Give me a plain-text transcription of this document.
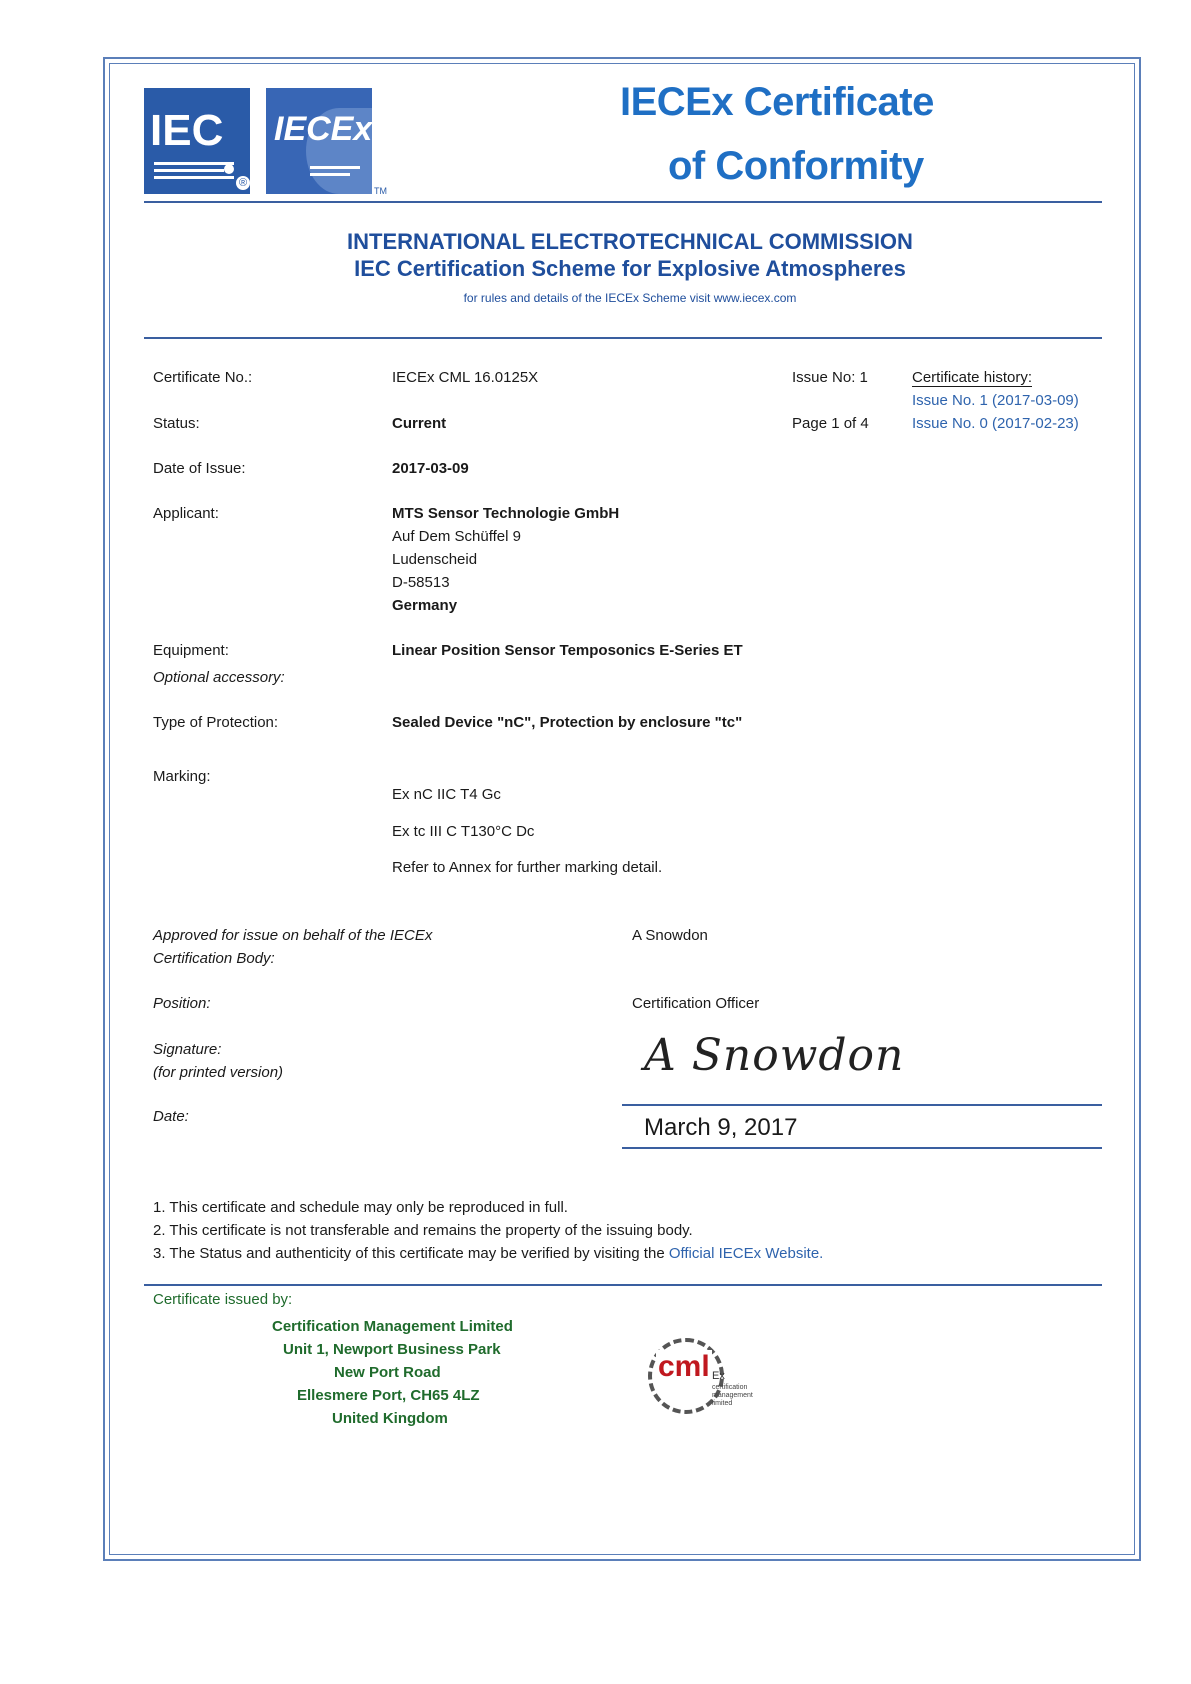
IEC
®
IECEx
TM
IECEx Certificate
of Conformity
INTERNATIONAL ELECTROTECHNICAL COMMISSION
IEC Certification Scheme for Explosive Atmospheres
for rules and details of the IECEx Scheme visit www.iecex.com
Certificate No.:	IECEx CML 16.0125X	Issue No: 1	Certificate history:
Issue No. 1 (2017-03-09)
Issue No. 0 (2017-02-23)
Status:	Current	Page 1 of 4
Date of Issue:	2017-03-09
Applicant:	MTS Sensor Technologie GmbH
Auf Dem Schüffel 9
Ludenscheid
D-58513
Germany
Equipment:	Linear Position Sensor Temposonics E-Series ET
Optional accessory:
Type of Protection:	Sealed Device "nC", Protection by enclosure "tc"
Marking:
Ex nC IIC T4 Gc
Ex tc III C T130°C Dc
Refer to Annex for further marking detail.
Approved for issue on behalf of the IECEx
Certification Body:
A Snowdon
Position:	Certification Officer
Signature:
(for printed version)	A Snowdon
Date:	March 9, 2017
1. This certificate and schedule may only be reproduced in full.
2. This certificate is not transferable and remains the property of the issuing body.
3. The Status and authenticity of this certificate may be verified by visiting the Official IECEx Website.
Certificate issued by:
Certification Management Limited
Unit 1, Newport Business Park
New Port Road
Ellesmere Port, CH65 4LZ
United Kingdom
cml Ex
certification
management
limited
